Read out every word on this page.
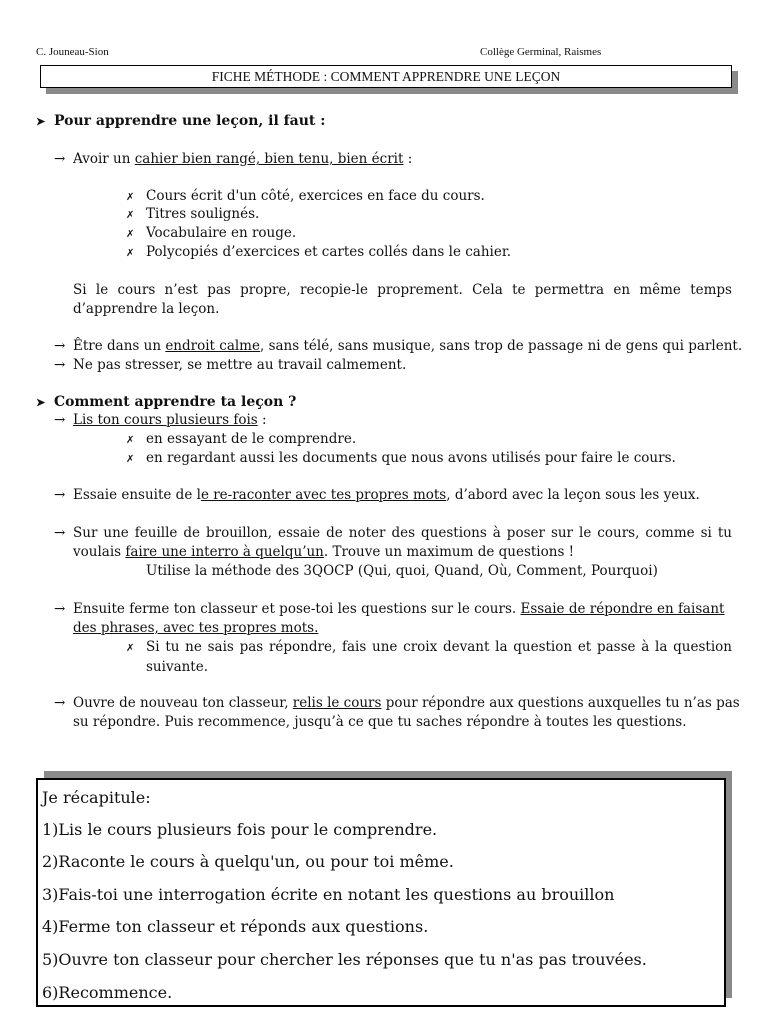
C. Jouneau-Sion	Collège Germinal, Raismes
FICHE MÉTHODE : COMMENT APPRENDRE UNE LEÇON
➤ Pour apprendre une leçon, il faut :
→ Avoir un cahier bien rangé, bien tenu, bien écrit :
✗ Cours écrit d'un côté, exercices en face du cours.
✗ Titres soulignés.
✗ Vocabulaire en rouge.
✗ Polycopiés d’exercices et cartes collés dans le cahier.
Si le cours n’est pas propre, recopie-le proprement. Cela te permettra en même temps
d’apprendre la leçon.
→ Être dans un endroit calme, sans télé, sans musique, sans trop de passage ni de gens qui parlent.
→ Ne pas stresser, se mettre au travail calmement.
➤ Comment apprendre ta leçon ?
→ Lis ton cours plusieurs fois :
✗ en essayant de le comprendre.
✗ en regardant aussi les documents que nous avons utilisés pour faire le cours.
→ Essaie ensuite de le re-raconter avec tes propres mots, d’abord avec la leçon sous les yeux.
→ Sur une feuille de brouillon, essaie de noter des questions à poser sur le cours, comme si tu
voulais faire une interro à quelqu’un. Trouve un maximum de questions !
Utilise la méthode des 3QOCP (Qui, quoi, Quand, Où, Comment, Pourquoi)
→ Ensuite ferme ton classeur et pose-toi les questions sur le cours. Essaie de répondre en faisant
des phrases, avec tes propres mots.
✗ Si tu ne sais pas répondre, fais une croix devant la question et passe à la question
suivante.
→ Ouvre de nouveau ton classeur, relis le cours pour répondre aux questions auxquelles tu n’as pas
su répondre. Puis recommence, jusqu’à ce que tu saches répondre à toutes les questions.
Je récapitule:
1)Lis le cours plusieurs fois pour le comprendre.
2)Raconte le cours à quelqu'un, ou pour toi même.
3)Fais-toi une interrogation écrite en notant les questions au brouillon
4)Ferme ton classeur et réponds aux questions.
5)Ouvre ton classeur pour chercher les réponses que tu n'as pas trouvées.
6)Recommence.
